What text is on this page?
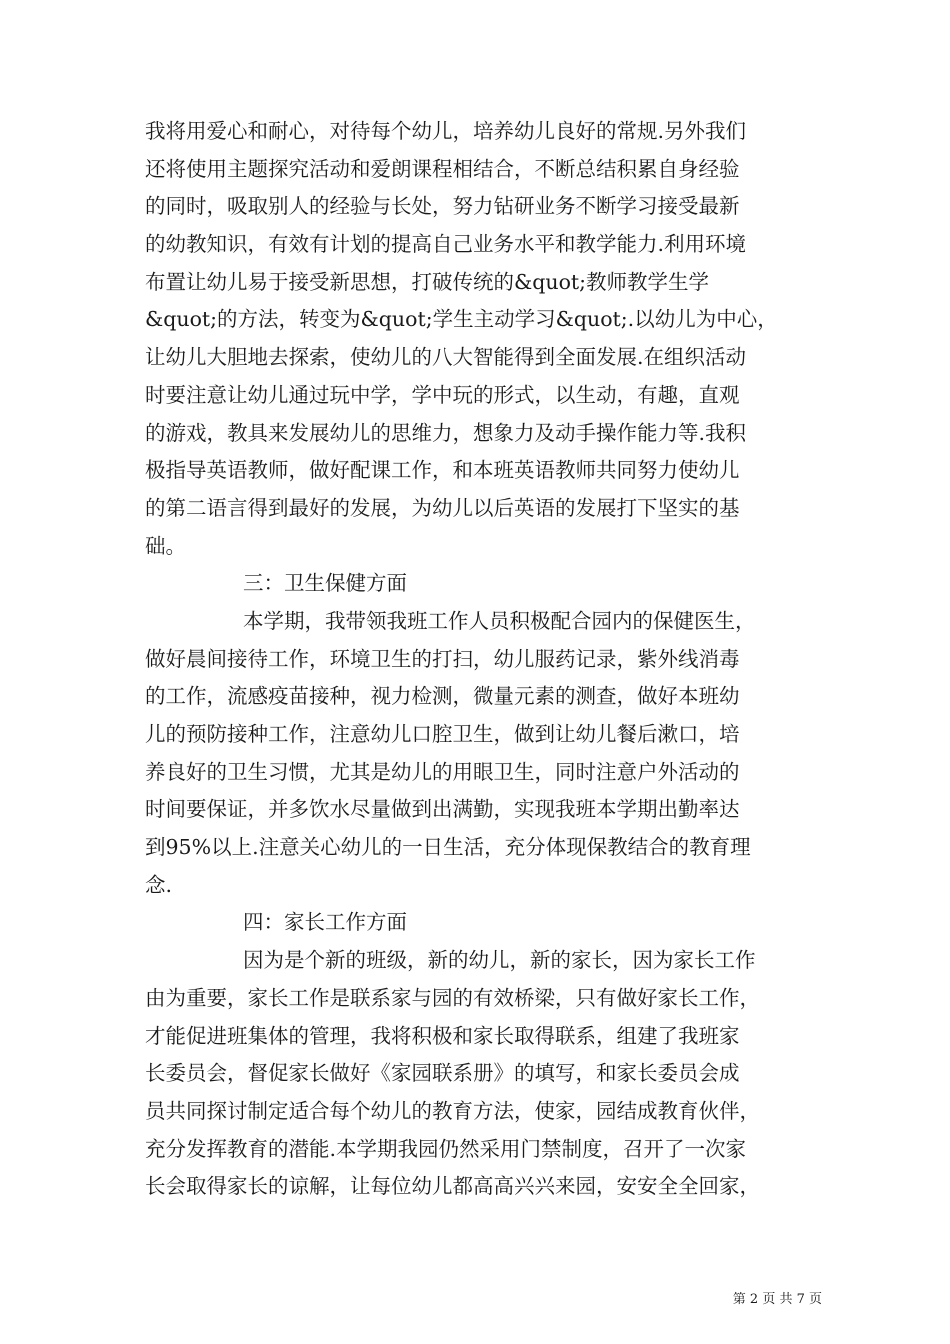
我将用爱心和耐心，对待每个幼儿，培养幼儿良好的常规.另外我们
还将使用主题探究活动和爱朗课程相结合，不断总结积累自身经验
的同时，吸取别人的经验与长处，努力钻研业务不断学习接受最新
的幼教知识，有效有计划的提高自己业务水平和教学能力.利用环境
布置让幼儿易于接受新思想，打破传统的&quot;教师教学生学
&quot;的方法，转变为&quot;学生主动学习&quot;.以幼儿为中心，
让幼儿大胆地去探索，使幼儿的八大智能得到全面发展.在组织活动
时要注意让幼儿通过玩中学，学中玩的形式，以生动，有趣，直观
的游戏，教具来发展幼儿的思维力，想象力及动手操作能力等.我积
极指导英语教师，做好配课工作，和本班英语教师共同努力使幼儿
的第二语言得到最好的发展，为幼儿以后英语的发展打下坚实的基
础。
三：卫生保健方面
本学期，我带领我班工作人员积极配合园内的保健医生，
做好晨间接待工作，环境卫生的打扫，幼儿服药记录，紫外线消毒
的工作，流感疫苗接种，视力检测，微量元素的测查，做好本班幼
儿的预防接种工作，注意幼儿口腔卫生，做到让幼儿餐后漱口，培
养良好的卫生习惯，尤其是幼儿的用眼卫生，同时注意户外活动的
时间要保证，并多饮水尽量做到出满勤，实现我班本学期出勤率达
到95%以上.注意关心幼儿的一日生活，充分体现保教结合的教育理
念.
四：家长工作方面
因为是个新的班级，新的幼儿，新的家长，因为家长工作
由为重要，家长工作是联系家与园的有效桥梁，只有做好家长工作，
才能促进班集体的管理，我将积极和家长取得联系，组建了我班家
长委员会，督促家长做好《家园联系册》的填写，和家长委员会成
员共同探讨制定适合每个幼儿的教育方法，使家，园结成教育伙伴，
充分发挥教育的潜能.本学期我园仍然采用门禁制度，召开了一次家
长会取得家长的谅解，让每位幼儿都高高兴兴来园，安安全全回家，
第 2 页 共 7 页
